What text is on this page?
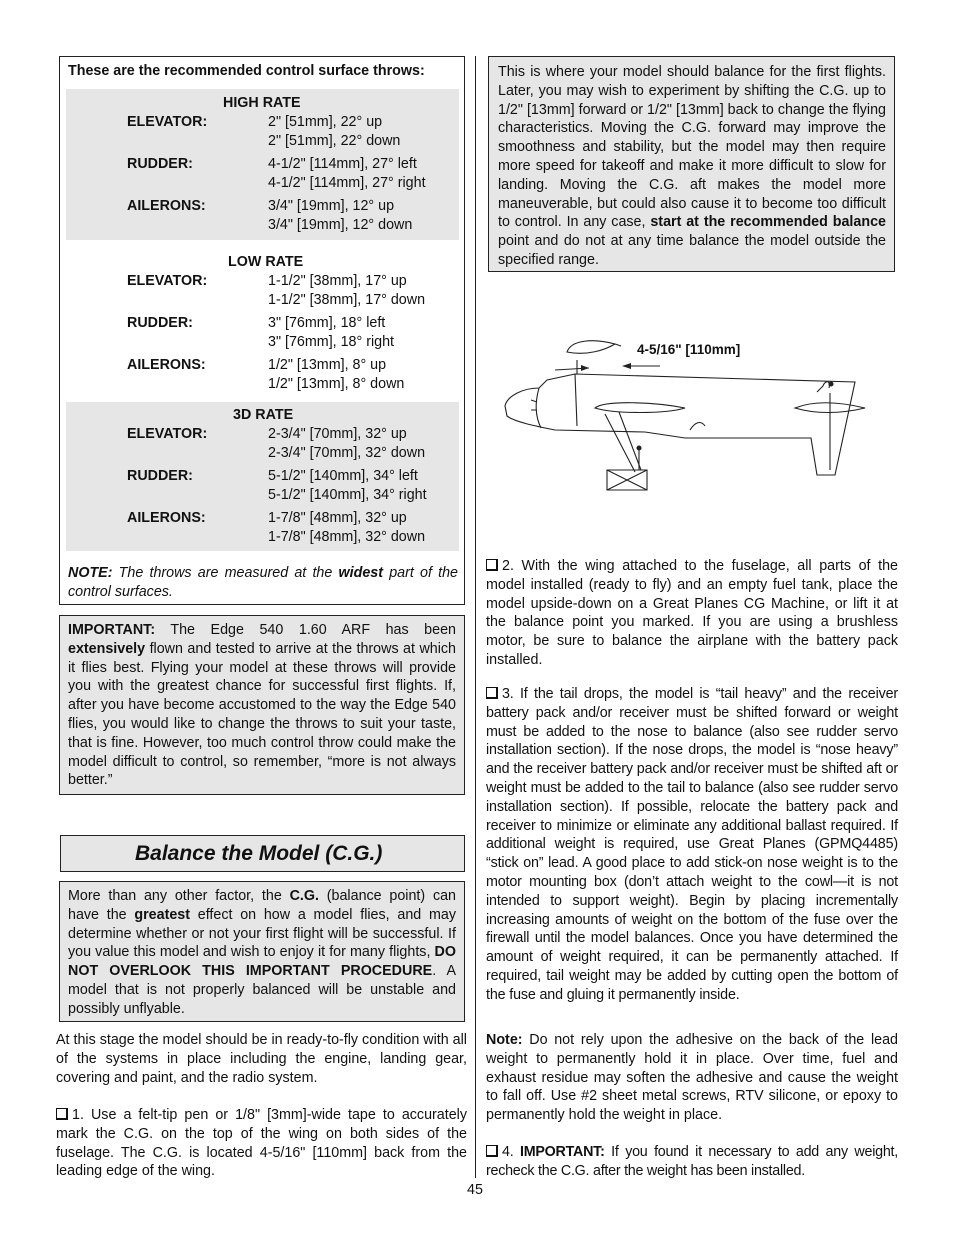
These are the recommended control surface throws:
HIGH RATE
ELEVATOR:	2" [51mm], 22° up
2" [51mm], 22° down
RUDDER:	4-1/2" [114mm], 27° left
4-1/2" [114mm], 27° right
AILERONS:	3/4" [19mm], 12° up
3/4" [19mm], 12° down
LOW RATE
ELEVATOR:	1-1/2" [38mm], 17° up
1-1/2" [38mm], 17° down
RUDDER:	3" [76mm], 18° left
3" [76mm], 18° right
AILERONS:	1/2" [13mm], 8° up
1/2" [13mm], 8° down
3D RATE
ELEVATOR:	2-3/4" [70mm], 32° up
2-3/4" [70mm], 32° down
RUDDER:	5-1/2" [140mm], 34° left
5-1/2" [140mm], 34° right
AILERONS:	1-7/8" [48mm], 32° up
1-7/8" [48mm], 32° down
NOTE: The throws are measured at the widest part of the control surfaces.
IMPORTANT: The Edge 540 1.60 ARF has been extensively flown and tested to arrive at the throws at which it flies best. Flying your model at these throws will provide you with the greatest chance for successful first flights. If, after you have become accustomed to the way the Edge 540 flies, you would like to change the throws to suit your taste, that is fine. However, too much control throw could make the model difficult to control, so remember, “more is not always better.”
Balance the Model (C.G.)
More than any other factor, the C.G. (balance point) can have the greatest effect on how a model flies, and may determine whether or not your first flight will be successful. If you value this model and wish to enjoy it for many flights, DO NOT OVERLOOK THIS IMPORTANT PROCEDURE. A model that is not properly balanced will be unstable and possibly unflyable.
At this stage the model should be in ready-to-fly condition with all of the systems in place including the engine, landing gear, covering and paint, and the radio system.
1. Use a felt-tip pen or 1/8" [3mm]-wide tape to accurately mark the C.G. on the top of the wing on both sides of the fuselage. The C.G. is located 4-5/16" [110mm] back from the leading edge of the wing.
This is where your model should balance for the first flights. Later, you may wish to experiment by shifting the C.G. up to 1/2" [13mm] forward or 1/2" [13mm] back to change the flying characteristics. Moving the C.G. forward may improve the smoothness and stability, but the model may then require more speed for takeoff and make it more difficult to slow for landing. Moving the C.G. aft makes the model more maneuverable, but could also cause it to become too difficult to control. In any case, start at the recommended balance point and do not at any time balance the model outside the specified range.
4-5/16" [110mm]
2. With the wing attached to the fuselage, all parts of the model installed (ready to fly) and an empty fuel tank, place the model upside-down on a Great Planes CG Machine, or lift it at the balance point you marked. If you are using a brushless motor, be sure to balance the airplane with the battery pack installed.
3. If the tail drops, the model is “tail heavy” and the receiver battery pack and/or receiver must be shifted forward or weight must be added to the nose to balance (also see rudder servo installation section). If the nose drops, the model is “nose heavy” and the receiver battery pack and/or receiver must be shifted aft or weight must be added to the tail to balance (also see rudder servo installation section). If possible, relocate the battery pack and receiver to minimize or eliminate any additional ballast required. If additional weight is required, use Great Planes (GPMQ4485) “stick on” lead. A good place to add stick-on nose weight is to the motor mounting box (don’t attach weight to the cowl—it is not intended to support weight). Begin by placing incrementally increasing amounts of weight on the bottom of the fuse over the firewall until the model balances. Once you have determined the amount of weight required, it can be permanently attached. If required, tail weight may be added by cutting open the bottom of the fuse and gluing it permanently inside.
Note: Do not rely upon the adhesive on the back of the lead weight to permanently hold it in place. Over time, fuel and exhaust residue may soften the adhesive and cause the weight to fall off. Use #2 sheet metal screws, RTV silicone, or epoxy to permanently hold the weight in place.
4. IMPORTANT: If you found it necessary to add any weight, recheck the C.G. after the weight has been installed.
45
